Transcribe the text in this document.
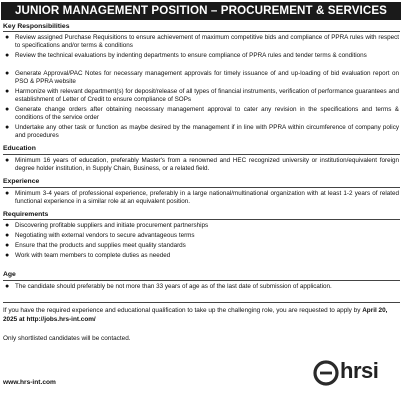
JUNIOR MANAGEMENT POSITION – PROCUREMENT & SERVICES
Key Responsibilities
● Review assigned Purchase Requisitions to ensure achievement of maximum competitive bids and compliance of PPRA rules with respect to specifications and/or terms & conditions
● Review the technical evaluations by indenting departments to ensure compliance of PPRA rules and tender terms & conditions
● Generate Approval/PAC Notes for necessary management approvals for timely issuance of and up-loading of bid evaluation report on PSO & PPRA website
● Harmonize with relevant department(s) for deposit/release of all types of financial instruments, verification of performance guarantees and establishment of Letter of Credit to ensure compliance of SOPs
● Generate change orders after obtaining necessary management approval to cater any revision in the specifications and terms & conditions of the service order
● Undertake any other task or function as maybe desired by the management if in line with PPRA within circumference of company policy and procedures
Education
● Minimum 16 years of education, preferably Master's from a renowned and HEC recognized university or institution/equivalent foreign degree holder institution, in Supply Chain, Business, or a related field.
Experience
● Minimum 3-4 years of professional experience, preferably in a large national/multinational organization with at least 1-2 years of related functional experience in a similar role at an equivalent position.
Requirements
● Discovering profitable suppliers and initiate procurement partnerships
● Negotiating with external vendors to secure advantageous terms
● Ensure that the products and supplies meet quality standards
● Work with team members to complete duties as needed
Age
● The candidate should preferably be not more than 33 years of age as of the last date of submission of application.
If you have the required experience and educational qualification to take up the challenging role, you are requested to apply by April 20, 2025 at http://jobs.hrs-int.com/
Only shortlisted candidates will be contacted.
www.hrs-int.com	hrsi
